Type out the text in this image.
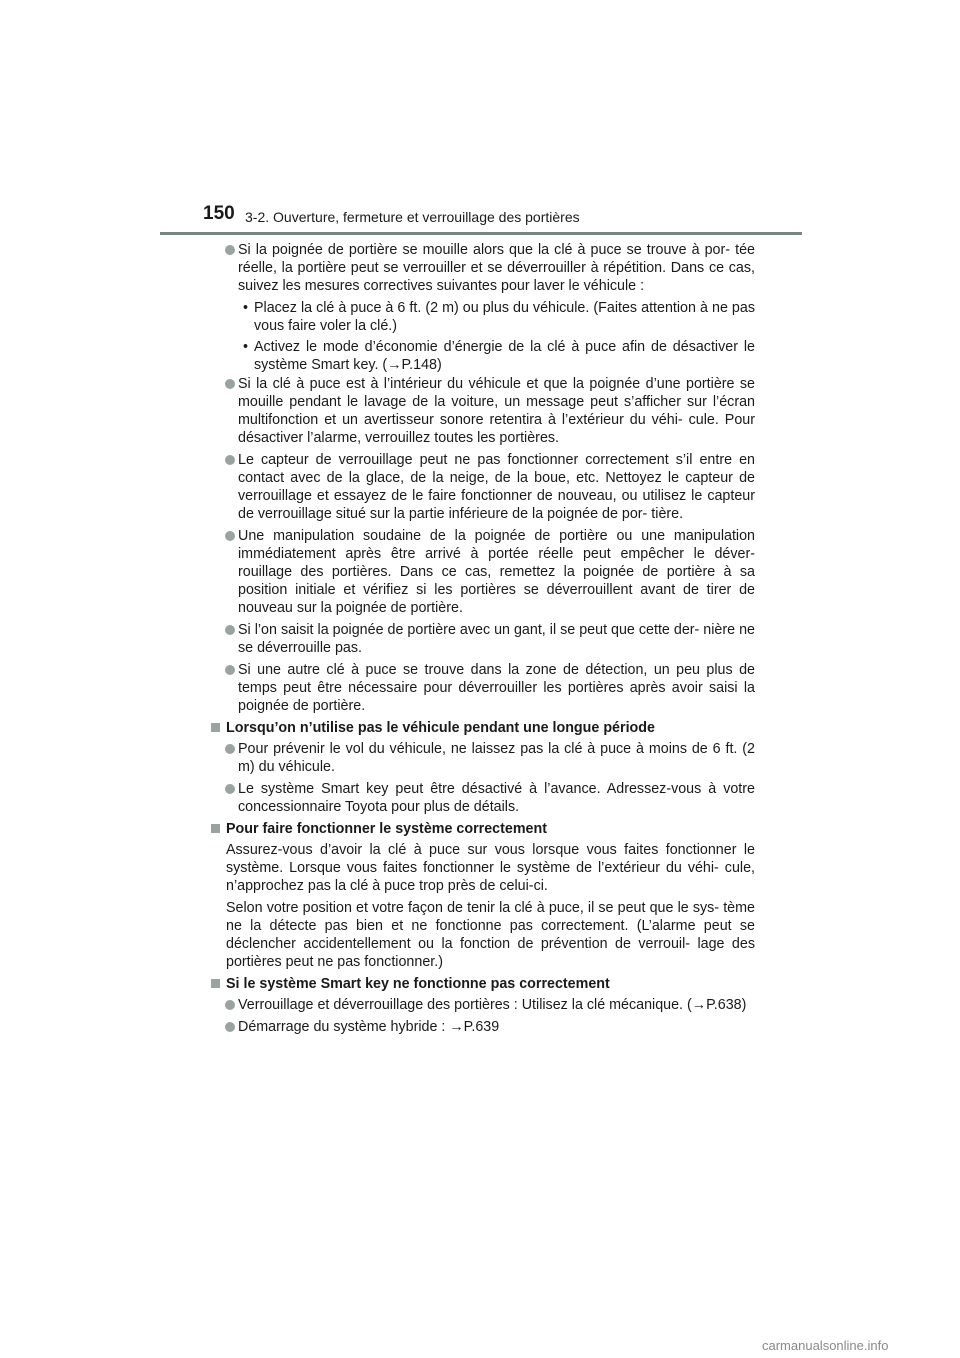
150 3-2. Ouverture, fermeture et verrouillage des portières
Si la poignée de portière se mouille alors que la clé à puce se trouve à por- tée réelle, la portière peut se verrouiller et se déverrouiller à répétition. Dans ce cas, suivez les mesures correctives suivantes pour laver le véhicule :
• Placez la clé à puce à 6 ft. (2 m) ou plus du véhicule. (Faites attention à ne pas vous faire voler la clé.)
• Activez le mode d’économie d’énergie de la clé à puce afin de désactiver le système Smart key. (→P.148)
Si la clé à puce est à l’intérieur du véhicule et que la poignée d’une portière se mouille pendant le lavage de la voiture, un message peut s’afficher sur l’écran multifonction et un avertisseur sonore retentira à l’extérieur du véhi- cule. Pour désactiver l’alarme, verrouillez toutes les portières.
Le capteur de verrouillage peut ne pas fonctionner correctement s’il entre en contact avec de la glace, de la neige, de la boue, etc. Nettoyez le capteur de verrouillage et essayez de le faire fonctionner de nouveau, ou utilisez le capteur de verrouillage situé sur la partie inférieure de la poignée de por- tière.
Une manipulation soudaine de la poignée de portière ou une manipulation immédiatement après être arrivé à portée réelle peut empêcher le déver- rouillage des portières. Dans ce cas, remettez la poignée de portière à sa position initiale et vérifiez si les portières se déverrouillent avant de tirer de nouveau sur la poignée de portière.
Si l’on saisit la poignée de portière avec un gant, il se peut que cette der- nière ne se déverrouille pas.
Si une autre clé à puce se trouve dans la zone de détection, un peu plus de temps peut être nécessaire pour déverrouiller les portières après avoir saisi la poignée de portière.
Lorsqu’on n’utilise pas le véhicule pendant une longue période
Pour prévenir le vol du véhicule, ne laissez pas la clé à puce à moins de 6 ft. (2 m) du véhicule.
Le système Smart key peut être désactivé à l’avance. Adressez-vous à votre concessionnaire Toyota pour plus de détails.
Pour faire fonctionner le système correctement
Assurez-vous d’avoir la clé à puce sur vous lorsque vous faites fonctionner le système. Lorsque vous faites fonctionner le système de l’extérieur du véhi- cule, n’approchez pas la clé à puce trop près de celui-ci.
Selon votre position et votre façon de tenir la clé à puce, il se peut que le sys- tème ne la détecte pas bien et ne fonctionne pas correctement. (L’alarme peut se déclencher accidentellement ou la fonction de prévention de verrouil- lage des portières peut ne pas fonctionner.)
Si le système Smart key ne fonctionne pas correctement
Verrouillage et déverrouillage des portières : Utilisez la clé mécanique. (→P.638)
Démarrage du système hybride : →P.639
carmanualsonline.info
